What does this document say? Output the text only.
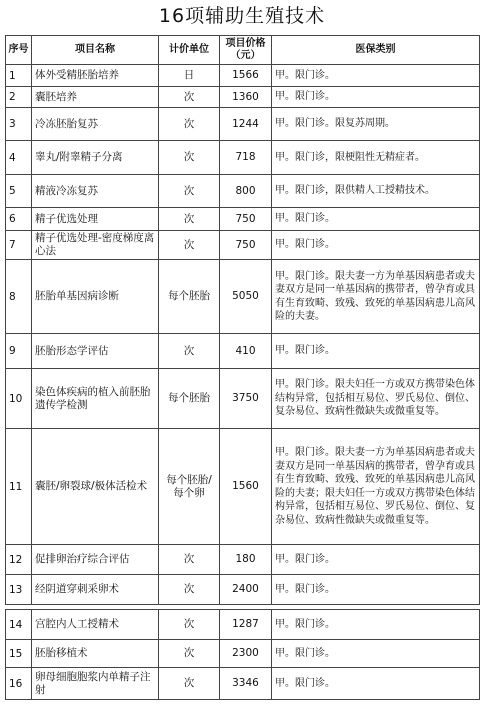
16项辅助生殖技术
序号	项目名称	计价单位	项目价格（元）	医保类别
1	体外受精胚胎培养	日	1566	甲。限门诊。
2	囊胚培养	次	1360	甲。限门诊。
3	冷冻胚胎复苏	次	1244	甲。限门诊。限复苏周期。
4	睾丸/附睾精子分离	次	718	甲。限门诊，限梗阻性无精症者。
5	精液冷冻复苏	次	800	甲。限门诊，限供精人工授精技术。
6	精子优选处理	次	750	甲。限门诊。
7	精子优选处理-密度梯度离心法	次	750	甲。限门诊。
8	胚胎单基因病诊断	每个胚胎	5050	甲。限门诊。限夫妻一方为单基因病患者或夫妻双方是同一单基因病的携带者，曾孕育或具有生育致畸、致残、致死的单基因病患儿高风险的夫妻。
9	胚胎形态学评估	次	410	甲。限门诊。
10	染色体疾病的植入前胚胎遗传学检测	每个胚胎	3750	甲。限门诊。限夫妇任一方或双方携带染色体结构异常，包括相互易位、罗氏易位、倒位、复杂易位、致病性微缺失或微重复等。
11	囊胚/卵裂球/极体活检术	每个胚胎/每个卵	1560	甲。限门诊。限夫妻一方为单基因病患者或夫妻双方是同一单基因病的携带者，曾孕育或具有生育致畸、致残、致死的单基因病患儿高风险的夫妻；限夫妇任一方或双方携带染色体结构异常，包括相互易位、罗氏易位、倒位、复杂易位、致病性微缺失或微重复等。
12	促排卵治疗综合评估	次	180	甲。限门诊。
13	经阴道穿刺采卵术	次	2400	甲。限门诊。

14	宫腔内人工授精术	次	1287	甲。限门诊。
15	胚胎移植术	次	2300	甲。限门诊。
16	卵母细胞胞浆内单精子注射	次	3346	甲。限门诊。
